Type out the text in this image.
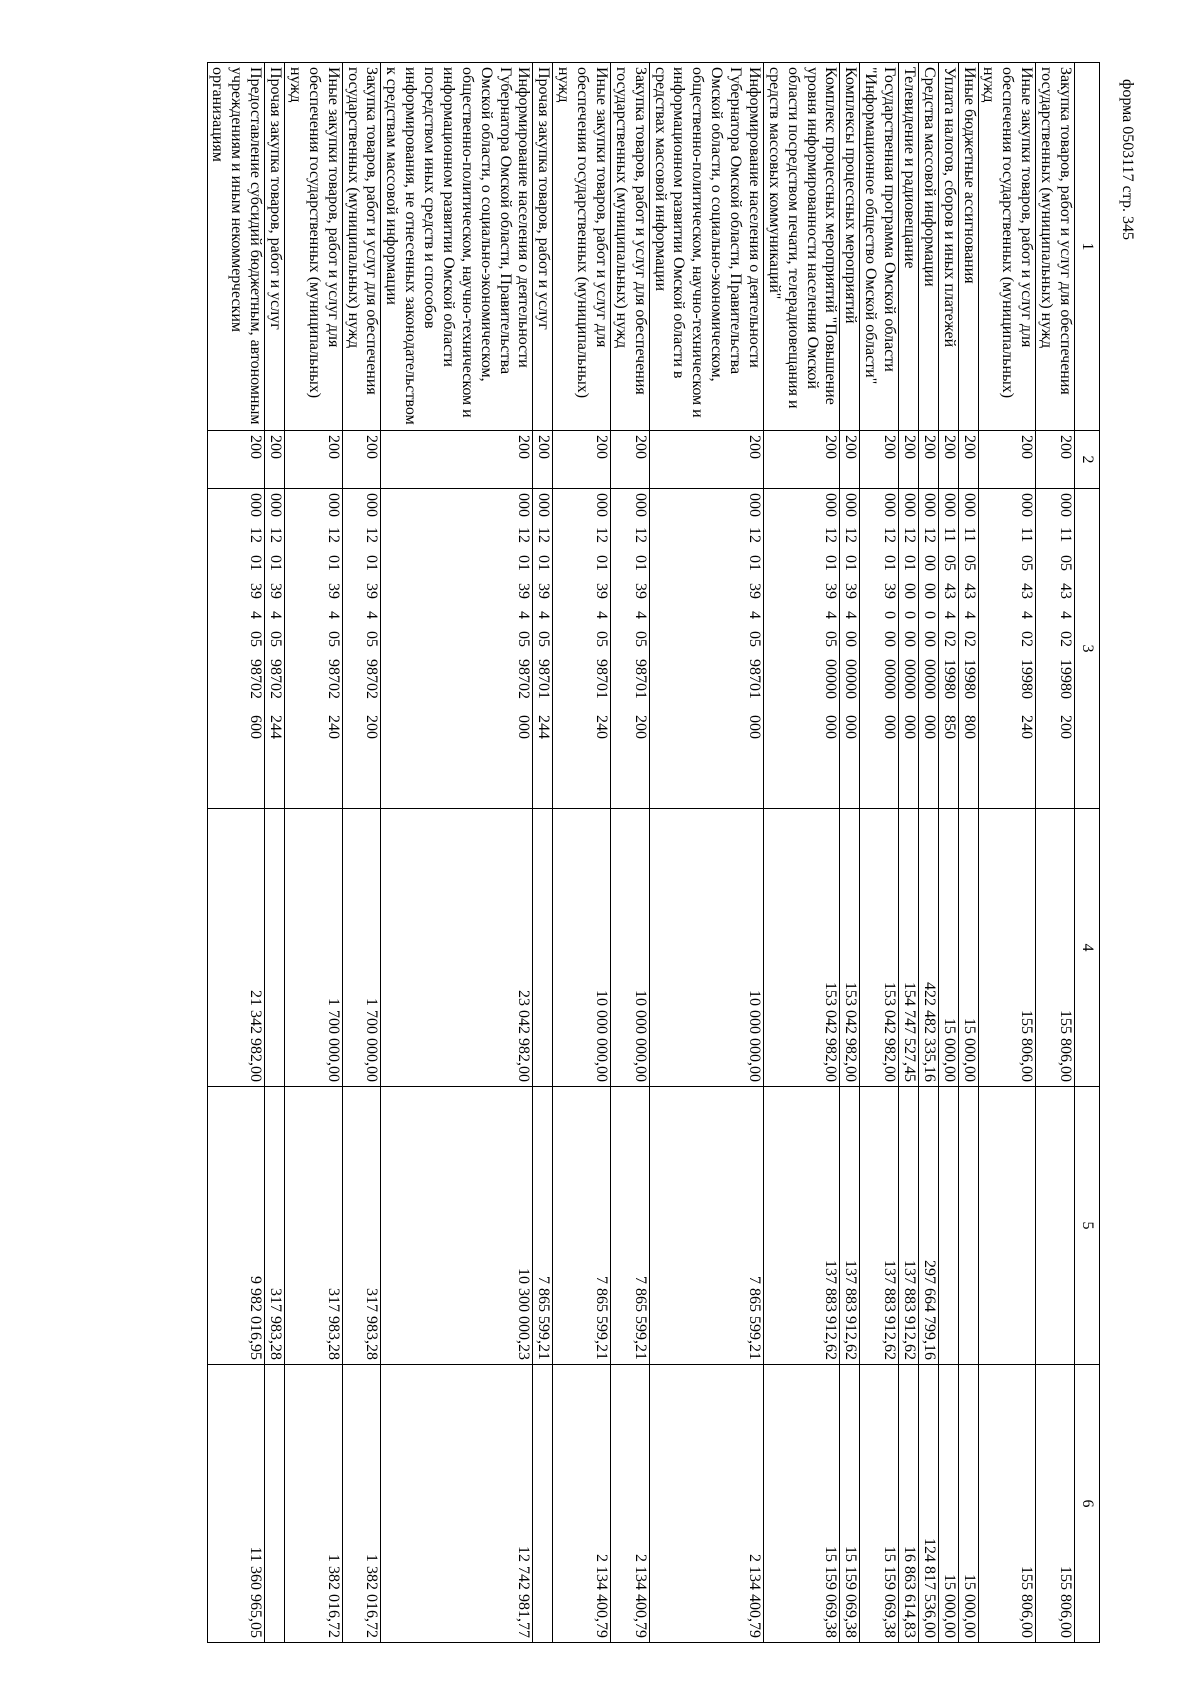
форма 0503117 стр. 345
1	2	3	4	5	6
Закупка товаров, работ и услуг для обеспечения государственных (муниципальных) нужд	200	00011054340219980200	155 806,00		155 806,00
Иные закупки товаров, работ и услуг для обеспечения государственных (муниципальных) нужд	200	00011054340219980240	155 806,00		155 806,00
Иные бюджетные ассигнования	200	00011054340219980800	15 000,00		15 000,00
Уплата налогов, сборов и иных платежей	200	00011054340219980850	15 000,00		15 000,00
Средства массовой информации	200	00012000000000000000	422 482 335,16	297 664 799,16	124 817 536,00
Телевидение и радиовещание	200	00012010000000000000	154 747 527,45	137 883 912,62	16 863 614,83
Государственная программа Омской области "Информационное общество Омской области"	200	00012013900000000000	153 042 982,00	137 883 912,62	15 159 069,38
Комплексы процессных мероприятий	200	00012013940000000000	153 042 982,00	137 883 912,62	15 159 069,38
Комплекс процессных мероприятий "Повышение уровня информированности населения Омской области посредством печати, телерадиовещания и средств массовых коммуникаций"	200	00012013940500000000	153 042 982,00	137 883 912,62	15 159 069,38
Информирование населения о деятельности Губернатора Омской области, Правительства Омской области, о социально-экономическом, общественно-политическом, научно-техническом и информационном развитии Омской области в средствах массовой информации	200	00012013940598701000	10 000 000,00	7 865 599,21	2 134 400,79
Закупка товаров, работ и услуг для обеспечения государственных (муниципальных) нужд	200	00012013940598701200	10 000 000,00	7 865 599,21	2 134 400,79
Иные закупки товаров, работ и услуг для обеспечения государственных (муниципальных) нужд	200	00012013940598701240	10 000 000,00	7 865 599,21	2 134 400,79
Прочая закупка товаров, работ и услуг	200	00012013940598701244		7 865 599,21	
Информирование населения о деятельности Губернатора Омской области, Правительства Омской области, о социально-экономическом, общественно-политическом, научно-техническом и информационном развитии Омской области посредством иных средств и способов информирования, не отнесенных законодательством к средствам массовой информации	200	00012013940598702000	23 042 982,00	10 300 000,23	12 742 981,77
Закупка товаров, работ и услуг для обеспечения государственных (муниципальных) нужд	200	00012013940598702200	1 700 000,00	317 983,28	1 382 016,72
Иные закупки товаров, работ и услуг для обеспечения государственных (муниципальных) нужд	200	00012013940598702240	1 700 000,00	317 983,28	1 382 016,72
Прочая закупка товаров, работ и услуг	200	00012013940598702244		317 983,28	
Предоставление субсидий бюджетным, автономным учреждениям и иным некоммерческим организациям	200	00012013940598702600	21 342 982,00	9 982 016,95	11 360 965,05
